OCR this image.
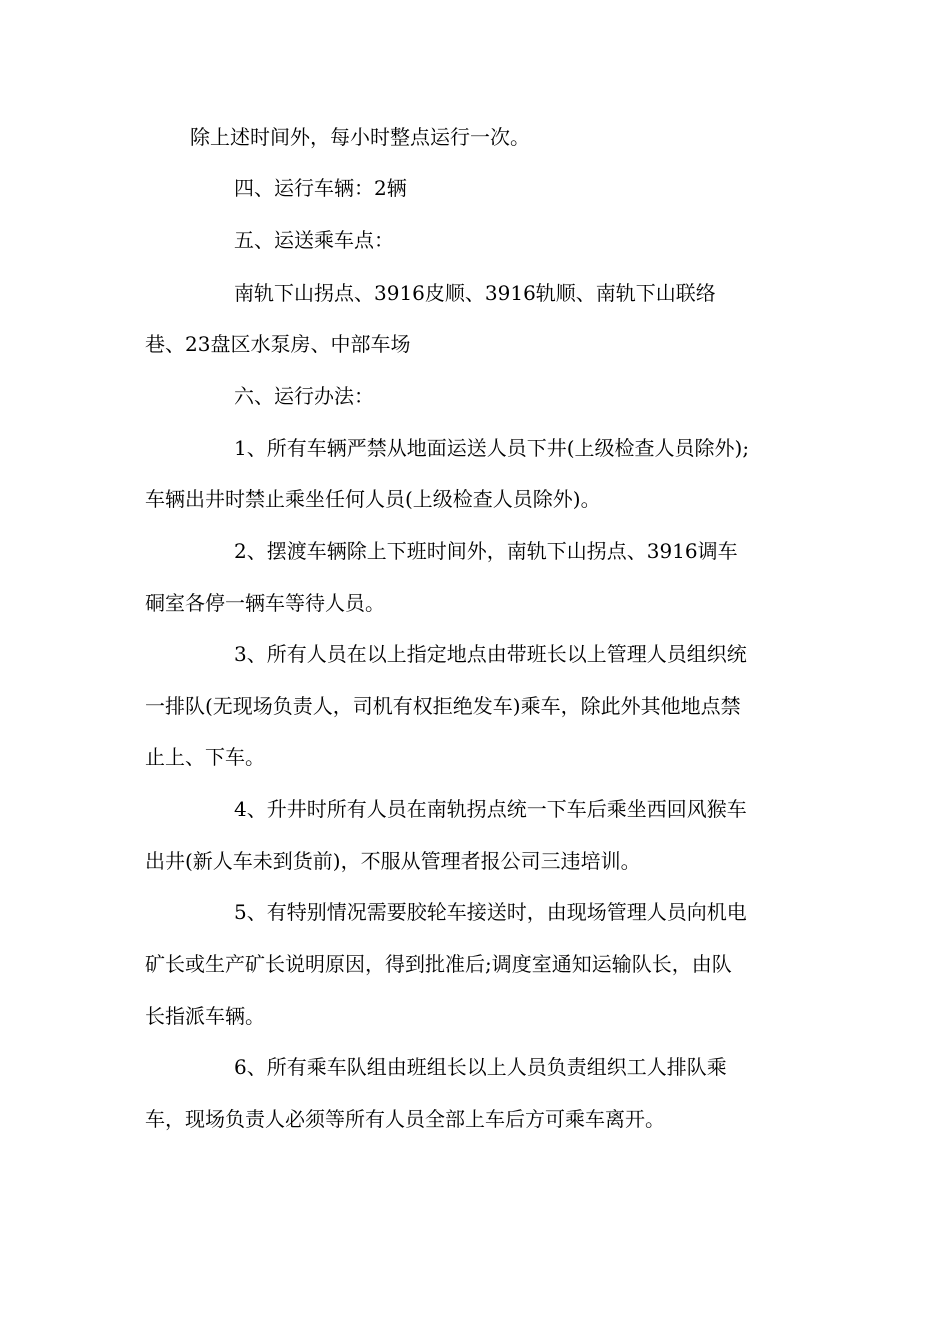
除上述时间外，每小时整点运行一次。
四、运行车辆：2辆
五、运送乘车点：
南轨下山拐点、3916皮顺、3916轨顺、南轨下山联络
巷、23盘区水泵房、中部车场
六、运行办法：
1、所有车辆严禁从地面运送人员下井(上级检查人员除外);
车辆出井时禁止乘坐任何人员(上级检查人员除外)。
2、摆渡车辆除上下班时间外，南轨下山拐点、3916调车
硐室各停一辆车等待人员。
3、所有人员在以上指定地点由带班长以上管理人员组织统
一排队(无现场负责人，司机有权拒绝发车)乘车，除此外其他地点禁
止上、下车。
4、升井时所有人员在南轨拐点统一下车后乘坐西回风猴车
出井(新人车未到货前)，不服从管理者报公司三违培训。
5、有特别情况需要胶轮车接送时，由现场管理人员向机电
矿长或生产矿长说明原因，得到批准后;调度室通知运输队长，由队
长指派车辆。
6、所有乘车队组由班组长以上人员负责组织工人排队乘
车，现场负责人必须等所有人员全部上车后方可乘车离开。
